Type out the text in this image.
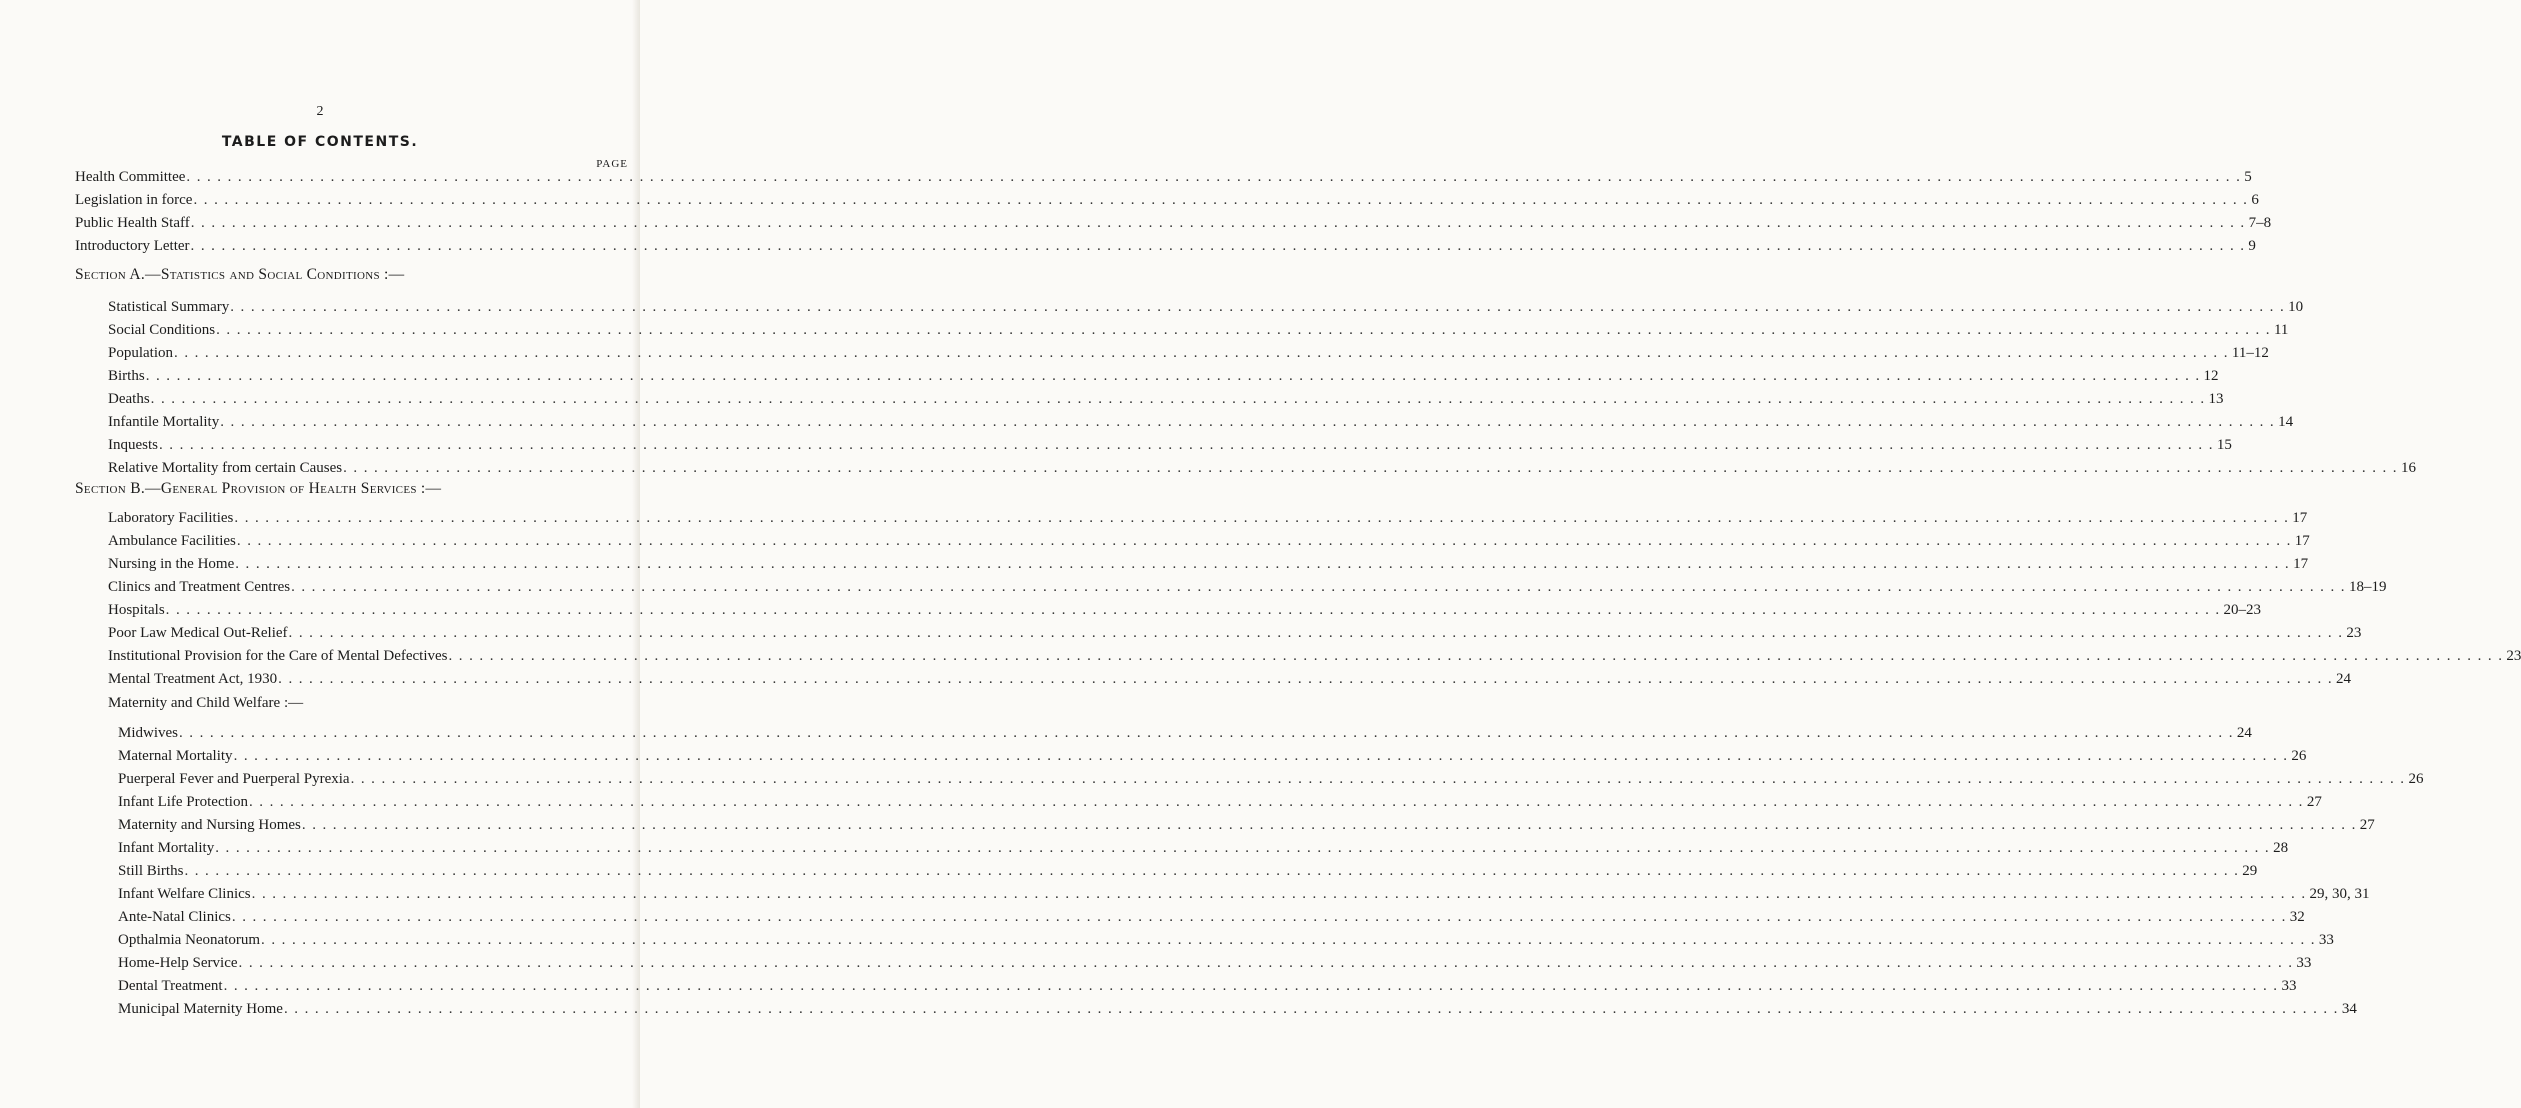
2
TABLE OF CONTENTS.
PAGE
Section A.—Statistics and Social Conditions :—
Section B.—General Provision of Health Services :—
Maternity and Child Welfare :—
Health Committee . . . . . . . . . . . . . . . . . . . . . . . . . . . . . . . . . . . . . . . . . . . . . . . . . . . . . . . . . . . . . . . . . . . . . . . . . . . . . . . . . . . . . . . . . . . . . . . . . . . . . . . . . . . . . . . . . . . . . . . . . . . . . . . . . . . . . . . . . . . . . . . . . . . . . . . . . . . . . . . . . . . . . . . . . . . . . . . . . . . . . . . . . . . . . . . . . . . . . . . . 5
Legislation in force . . . . . . . . . . . . . . . . . . . . . . . . . . . . . . . . . . . . . . . . . . . . . . . . . . . . . . . . . . . . . . . . . . . . . . . . . . . . . . . . . . . . . . . . . . . . . . . . . . . . . . . . . . . . . . . . . . . . . . . . . . . . . . . . . . . . . . . . . . . . . . . . . . . . . . . . . . . . . . . . . . . . . . . . . . . . . . . . . . . . . . . . . . . . . . . . . . . . . . . . 6
Public Health Staff . . . . . . . . . . . . . . . . . . . . . . . . . . . . . . . . . . . . . . . . . . . . . . . . . . . . . . . . . . . . . . . . . . . . . . . . . . . . . . . . . . . . . . . . . . . . . . . . . . . . . . . . . . . . . . . . . . . . . . . . . . . . . . . . . . . . . . . . . . . . . . . . . . . . . . . . . . . . . . . . . . . . . . . . . . . . . . . . . . . . . . . . . . . . . . . . . . . . . . . . 7–8
Introductory Letter . . . . . . . . . . . . . . . . . . . . . . . . . . . . . . . . . . . . . . . . . . . . . . . . . . . . . . . . . . . . . . . . . . . . . . . . . . . . . . . . . . . . . . . . . . . . . . . . . . . . . . . . . . . . . . . . . . . . . . . . . . . . . . . . . . . . . . . . . . . . . . . . . . . . . . . . . . . . . . . . . . . . . . . . . . . . . . . . . . . . . . . . . . . . . . . . . . . . . . . . 9
Statistical Summary . . . . . . . . . . . . . . . . . . . . . . . . . . . . . . . . . . . . . . . . . . . . . . . . . . . . . . . . . . . . . . . . . . . . . . . . . . . . . . . . . . . . . . . . . . . . . . . . . . . . . . . . . . . . . . . . . . . . . . . . . . . . . . . . . . . . . . . . . . . . . . . . . . . . . . . . . . . . . . . . . . . . . . . . . . . . . . . . . . . . . . . . . . . . . . . . . . . . . . . . 10
Social Conditions . . . . . . . . . . . . . . . . . . . . . . . . . . . . . . . . . . . . . . . . . . . . . . . . . . . . . . . . . . . . . . . . . . . . . . . . . . . . . . . . . . . . . . . . . . . . . . . . . . . . . . . . . . . . . . . . . . . . . . . . . . . . . . . . . . . . . . . . . . . . . . . . . . . . . . . . . . . . . . . . . . . . . . . . . . . . . . . . . . . . . . . . . . . . . . . . . . . . . . . . 11
Population . . . . . . . . . . . . . . . . . . . . . . . . . . . . . . . . . . . . . . . . . . . . . . . . . . . . . . . . . . . . . . . . . . . . . . . . . . . . . . . . . . . . . . . . . . . . . . . . . . . . . . . . . . . . . . . . . . . . . . . . . . . . . . . . . . . . . . . . . . . . . . . . . . . . . . . . . . . . . . . . . . . . . . . . . . . . . . . . . . . . . . . . . . . . . . . . . . . . . . . . 11–12
Births . . . . . . . . . . . . . . . . . . . . . . . . . . . . . . . . . . . . . . . . . . . . . . . . . . . . . . . . . . . . . . . . . . . . . . . . . . . . . . . . . . . . . . . . . . . . . . . . . . . . . . . . . . . . . . . . . . . . . . . . . . . . . . . . . . . . . . . . . . . . . . . . . . . . . . . . . . . . . . . . . . . . . . . . . . . . . . . . . . . . . . . . . . . . . . . . . . . . . . . . 12
Deaths . . . . . . . . . . . . . . . . . . . . . . . . . . . . . . . . . . . . . . . . . . . . . . . . . . . . . . . . . . . . . . . . . . . . . . . . . . . . . . . . . . . . . . . . . . . . . . . . . . . . . . . . . . . . . . . . . . . . . . . . . . . . . . . . . . . . . . . . . . . . . . . . . . . . . . . . . . . . . . . . . . . . . . . . . . . . . . . . . . . . . . . . . . . . . . . . . . . . . . . . 13
Infantile Mortality . . . . . . . . . . . . . . . . . . . . . . . . . . . . . . . . . . . . . . . . . . . . . . . . . . . . . . . . . . . . . . . . . . . . . . . . . . . . . . . . . . . . . . . . . . . . . . . . . . . . . . . . . . . . . . . . . . . . . . . . . . . . . . . . . . . . . . . . . . . . . . . . . . . . . . . . . . . . . . . . . . . . . . . . . . . . . . . . . . . . . . . . . . . . . . . . . . . . . . . . 14
Inquests . . . . . . . . . . . . . . . . . . . . . . . . . . . . . . . . . . . . . . . . . . . . . . . . . . . . . . . . . . . . . . . . . . . . . . . . . . . . . . . . . . . . . . . . . . . . . . . . . . . . . . . . . . . . . . . . . . . . . . . . . . . . . . . . . . . . . . . . . . . . . . . . . . . . . . . . . . . . . . . . . . . . . . . . . . . . . . . . . . . . . . . . . . . . . . . . . . . . . . . . 15
Relative Mortality from certain Causes . . . . . . . . . . . . . . . . . . . . . . . . . . . . . . . . . . . . . . . . . . . . . . . . . . . . . . . . . . . . . . . . . . . . . . . . . . . . . . . . . . . . . . . . . . . . . . . . . . . . . . . . . . . . . . . . . . . . . . . . . . . . . . . . . . . . . . . . . . . . . . . . . . . . . . . . . . . . . . . . . . . . . . . . . . . . . . . . . . . . . . . . . . . . . . . . . . . . . . . . 16
Laboratory Facilities . . . . . . . . . . . . . . . . . . . . . . . . . . . . . . . . . . . . . . . . . . . . . . . . . . . . . . . . . . . . . . . . . . . . . . . . . . . . . . . . . . . . . . . . . . . . . . . . . . . . . . . . . . . . . . . . . . . . . . . . . . . . . . . . . . . . . . . . . . . . . . . . . . . . . . . . . . . . . . . . . . . . . . . . . . . . . . . . . . . . . . . . . . . . . . . . . . . . . . . . 17
Ambulance Facilities . . . . . . . . . . . . . . . . . . . . . . . . . . . . . . . . . . . . . . . . . . . . . . . . . . . . . . . . . . . . . . . . . . . . . . . . . . . . . . . . . . . . . . . . . . . . . . . . . . . . . . . . . . . . . . . . . . . . . . . . . . . . . . . . . . . . . . . . . . . . . . . . . . . . . . . . . . . . . . . . . . . . . . . . . . . . . . . . . . . . . . . . . . . . . . . . . . . . . . . . 17
Nursing in the Home . . . . . . . . . . . . . . . . . . . . . . . . . . . . . . . . . . . . . . . . . . . . . . . . . . . . . . . . . . . . . . . . . . . . . . . . . . . . . . . . . . . . . . . . . . . . . . . . . . . . . . . . . . . . . . . . . . . . . . . . . . . . . . . . . . . . . . . . . . . . . . . . . . . . . . . . . . . . . . . . . . . . . . . . . . . . . . . . . . . . . . . . . . . . . . . . . . . . . . . . 17
Clinics and Treatment Centres . . . . . . . . . . . . . . . . . . . . . . . . . . . . . . . . . . . . . . . . . . . . . . . . . . . . . . . . . . . . . . . . . . . . . . . . . . . . . . . . . . . . . . . . . . . . . . . . . . . . . . . . . . . . . . . . . . . . . . . . . . . . . . . . . . . . . . . . . . . . . . . . . . . . . . . . . . . . . . . . . . . . . . . . . . . . . . . . . . . . . . . . . . . . . . . . . . . . . . . . 18–19
Hospitals . . . . . . . . . . . . . . . . . . . . . . . . . . . . . . . . . . . . . . . . . . . . . . . . . . . . . . . . . . . . . . . . . . . . . . . . . . . . . . . . . . . . . . . . . . . . . . . . . . . . . . . . . . . . . . . . . . . . . . . . . . . . . . . . . . . . . . . . . . . . . . . . . . . . . . . . . . . . . . . . . . . . . . . . . . . . . . . . . . . . . . . . . . . . . . . . . . . . . . . . 20–23
Poor Law Medical Out-Relief . . . . . . . . . . . . . . . . . . . . . . . . . . . . . . . . . . . . . . . . . . . . . . . . . . . . . . . . . . . . . . . . . . . . . . . . . . . . . . . . . . . . . . . . . . . . . . . . . . . . . . . . . . . . . . . . . . . . . . . . . . . . . . . . . . . . . . . . . . . . . . . . . . . . . . . . . . . . . . . . . . . . . . . . . . . . . . . . . . . . . . . . . . . . . . . . . . . . . . . . 23
Institutional Provision for the Care of Mental Defectives . . . . . . . . . . . . . . . . . . . . . . . . . . . . . . . . . . . . . . . . . . . . . . . . . . . . . . . . . . . . . . . . . . . . . . . . . . . . . . . . . . . . . . . . . . . . . . . . . . . . . . . . . . . . . . . . . . . . . . . . . . . . . . . . . . . . . . . . . . . . . . . . . . . . . . . . . . . . . . . . . . . . . . . . . . . . . . . . . . . . . . . . . . . . . . . . . . . . . . . . 23
Mental Treatment Act, 1930 . . . . . . . . . . . . . . . . . . . . . . . . . . . . . . . . . . . . . . . . . . . . . . . . . . . . . . . . . . . . . . . . . . . . . . . . . . . . . . . . . . . . . . . . . . . . . . . . . . . . . . . . . . . . . . . . . . . . . . . . . . . . . . . . . . . . . . . . . . . . . . . . . . . . . . . . . . . . . . . . . . . . . . . . . . . . . . . . . . . . . . . . . . . . . . . . . . . . . . . . 24
Midwives . . . . . . . . . . . . . . . . . . . . . . . . . . . . . . . . . . . . . . . . . . . . . . . . . . . . . . . . . . . . . . . . . . . . . . . . . . . . . . . . . . . . . . . . . . . . . . . . . . . . . . . . . . . . . . . . . . . . . . . . . . . . . . . . . . . . . . . . . . . . . . . . . . . . . . . . . . . . . . . . . . . . . . . . . . . . . . . . . . . . . . . . . . . . . . . . . . . . . . . . 24
Maternal Mortality . . . . . . . . . . . . . . . . . . . . . . . . . . . . . . . . . . . . . . . . . . . . . . . . . . . . . . . . . . . . . . . . . . . . . . . . . . . . . . . . . . . . . . . . . . . . . . . . . . . . . . . . . . . . . . . . . . . . . . . . . . . . . . . . . . . . . . . . . . . . . . . . . . . . . . . . . . . . . . . . . . . . . . . . . . . . . . . . . . . . . . . . . . . . . . . . . . . . . . . . 26
Puerperal Fever and Puerperal Pyrexia . . . . . . . . . . . . . . . . . . . . . . . . . . . . . . . . . . . . . . . . . . . . . . . . . . . . . . . . . . . . . . . . . . . . . . . . . . . . . . . . . . . . . . . . . . . . . . . . . . . . . . . . . . . . . . . . . . . . . . . . . . . . . . . . . . . . . . . . . . . . . . . . . . . . . . . . . . . . . . . . . . . . . . . . . . . . . . . . . . . . . . . . . . . . . . . . . . . . . . . . 26
Infant Life Protection . . . . . . . . . . . . . . . . . . . . . . . . . . . . . . . . . . . . . . . . . . . . . . . . . . . . . . . . . . . . . . . . . . . . . . . . . . . . . . . . . . . . . . . . . . . . . . . . . . . . . . . . . . . . . . . . . . . . . . . . . . . . . . . . . . . . . . . . . . . . . . . . . . . . . . . . . . . . . . . . . . . . . . . . . . . . . . . . . . . . . . . . . . . . . . . . . . . . . . . . 27
Maternity and Nursing Homes . . . . . . . . . . . . . . . . . . . . . . . . . . . . . . . . . . . . . . . . . . . . . . . . . . . . . . . . . . . . . . . . . . . . . . . . . . . . . . . . . . . . . . . . . . . . . . . . . . . . . . . . . . . . . . . . . . . . . . . . . . . . . . . . . . . . . . . . . . . . . . . . . . . . . . . . . . . . . . . . . . . . . . . . . . . . . . . . . . . . . . . . . . . . . . . . . . . . . . . . 27
Infant Mortality . . . . . . . . . . . . . . . . . . . . . . . . . . . . . . . . . . . . . . . . . . . . . . . . . . . . . . . . . . . . . . . . . . . . . . . . . . . . . . . . . . . . . . . . . . . . . . . . . . . . . . . . . . . . . . . . . . . . . . . . . . . . . . . . . . . . . . . . . . . . . . . . . . . . . . . . . . . . . . . . . . . . . . . . . . . . . . . . . . . . . . . . . . . . . . . . . . . . . . . . 28
Still Births . . . . . . . . . . . . . . . . . . . . . . . . . . . . . . . . . . . . . . . . . . . . . . . . . . . . . . . . . . . . . . . . . . . . . . . . . . . . . . . . . . . . . . . . . . . . . . . . . . . . . . . . . . . . . . . . . . . . . . . . . . . . . . . . . . . . . . . . . . . . . . . . . . . . . . . . . . . . . . . . . . . . . . . . . . . . . . . . . . . . . . . . . . . . . . . . . . . . . . . . 29
Infant Welfare Clinics . . . . . . . . . . . . . . . . . . . . . . . . . . . . . . . . . . . . . . . . . . . . . . . . . . . . . . . . . . . . . . . . . . . . . . . . . . . . . . . . . . . . . . . . . . . . . . . . . . . . . . . . . . . . . . . . . . . . . . . . . . . . . . . . . . . . . . . . . . . . . . . . . . . . . . . . . . . . . . . . . . . . . . . . . . . . . . . . . . . . . . . . . . . . . . . . . . . . . . . . 29, 30, 31
Ante-Natal Clinics . . . . . . . . . . . . . . . . . . . . . . . . . . . . . . . . . . . . . . . . . . . . . . . . . . . . . . . . . . . . . . . . . . . . . . . . . . . . . . . . . . . . . . . . . . . . . . . . . . . . . . . . . . . . . . . . . . . . . . . . . . . . . . . . . . . . . . . . . . . . . . . . . . . . . . . . . . . . . . . . . . . . . . . . . . . . . . . . . . . . . . . . . . . . . . . . . . . . . . . . 32
Opthalmia Neonatorum . . . . . . . . . . . . . . . . . . . . . . . . . . . . . . . . . . . . . . . . . . . . . . . . . . . . . . . . . . . . . . . . . . . . . . . . . . . . . . . . . . . . . . . . . . . . . . . . . . . . . . . . . . . . . . . . . . . . . . . . . . . . . . . . . . . . . . . . . . . . . . . . . . . . . . . . . . . . . . . . . . . . . . . . . . . . . . . . . . . . . . . . . . . . . . . . . . . . . . . . 33
Home-Help Service . . . . . . . . . . . . . . . . . . . . . . . . . . . . . . . . . . . . . . . . . . . . . . . . . . . . . . . . . . . . . . . . . . . . . . . . . . . . . . . . . . . . . . . . . . . . . . . . . . . . . . . . . . . . . . . . . . . . . . . . . . . . . . . . . . . . . . . . . . . . . . . . . . . . . . . . . . . . . . . . . . . . . . . . . . . . . . . . . . . . . . . . . . . . . . . . . . . . . . . . 33
Dental Treatment . . . . . . . . . . . . . . . . . . . . . . . . . . . . . . . . . . . . . . . . . . . . . . . . . . . . . . . . . . . . . . . . . . . . . . . . . . . . . . . . . . . . . . . . . . . . . . . . . . . . . . . . . . . . . . . . . . . . . . . . . . . . . . . . . . . . . . . . . . . . . . . . . . . . . . . . . . . . . . . . . . . . . . . . . . . . . . . . . . . . . . . . . . . . . . . . . . . . . . . . 33
Municipal Maternity Home . . . . . . . . . . . . . . . . . . . . . . . . . . . . . . . . . . . . . . . . . . . . . . . . . . . . . . . . . . . . . . . . . . . . . . . . . . . . . . . . . . . . . . . . . . . . . . . . . . . . . . . . . . . . . . . . . . . . . . . . . . . . . . . . . . . . . . . . . . . . . . . . . . . . . . . . . . . . . . . . . . . . . . . . . . . . . . . . . . . . . . . . . . . . . . . . . . . . . . . . 34
